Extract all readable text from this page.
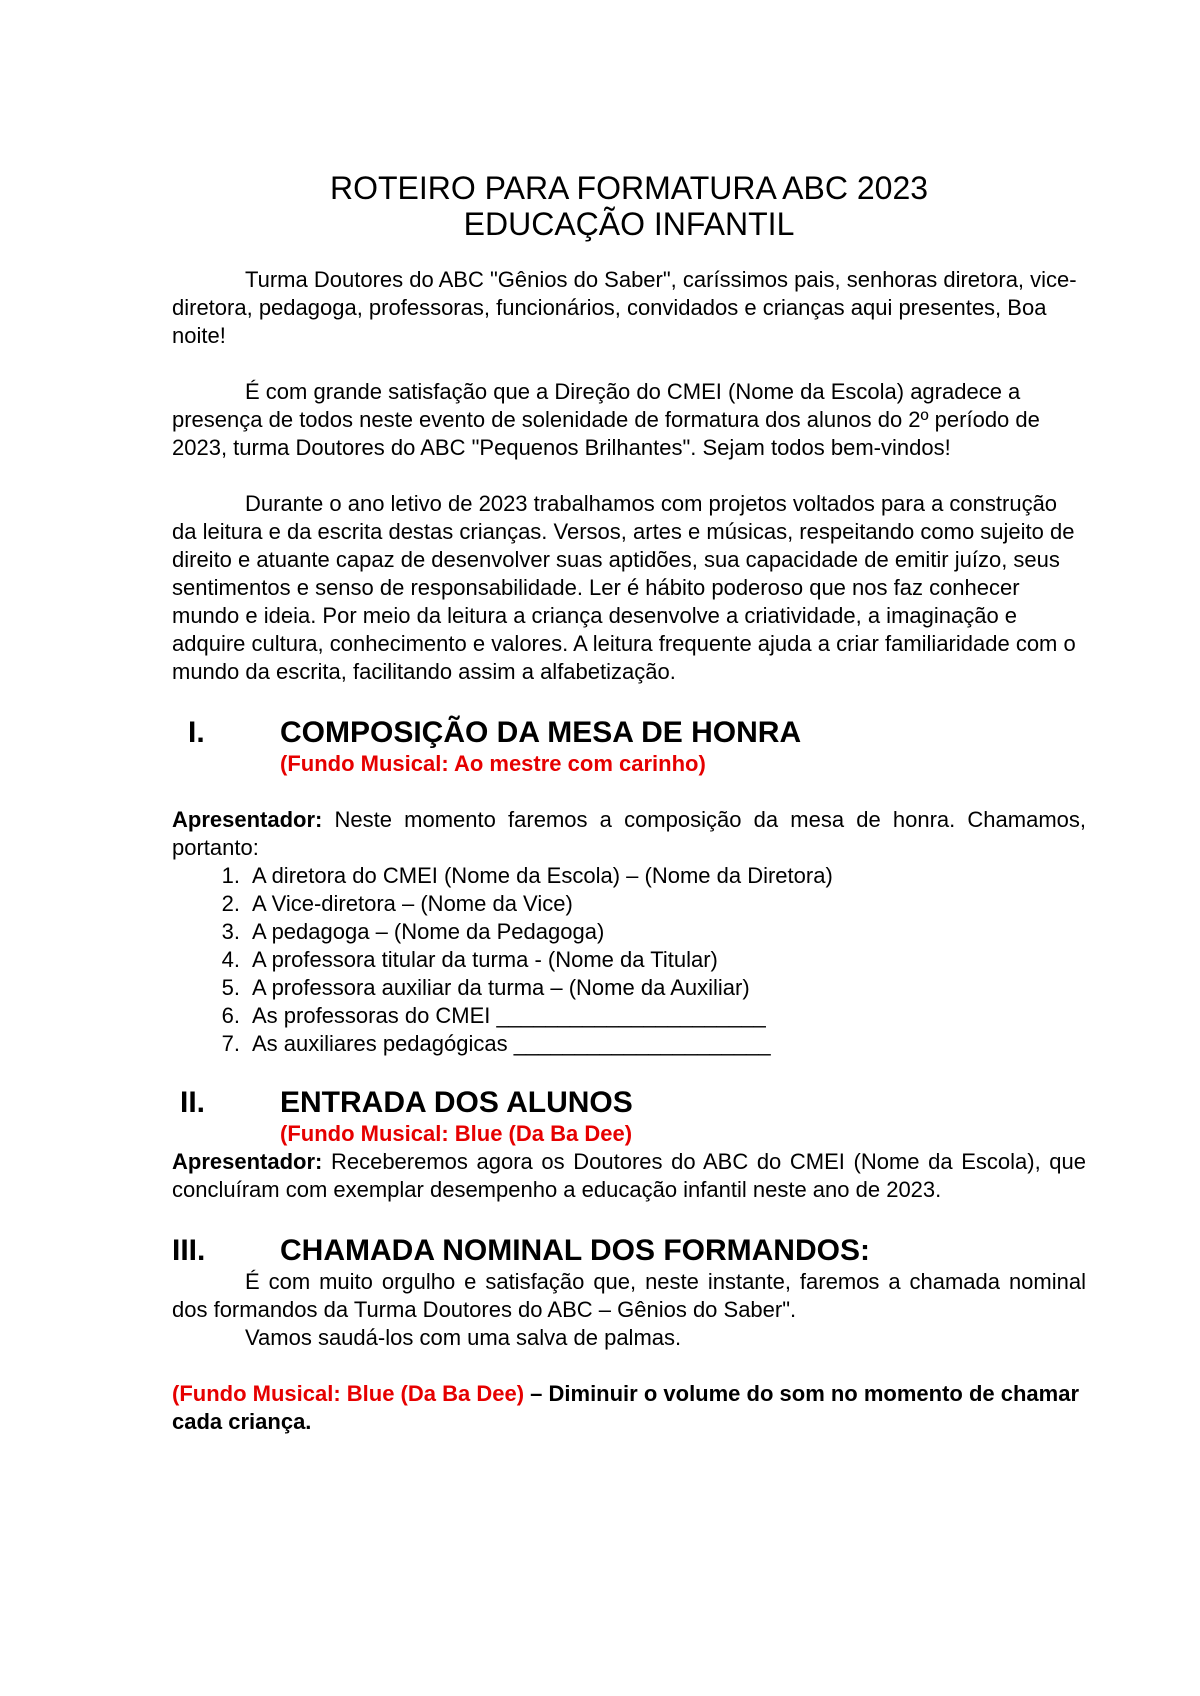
ROTEIRO PARA FORMATURA ABC 2023
EDUCAÇÃO INFANTIL

Turma Doutores do ABC "Gênios do Saber", caríssimos pais, senhoras diretora, vice-diretora, pedagoga, professoras, funcionários, convidados e crianças aqui presentes, Boa noite!

É com grande satisfação que a Direção do CMEI (Nome da Escola) agradece a presença de todos neste evento de solenidade de formatura dos alunos do 2º período de 2023, turma Doutores do ABC "Pequenos Brilhantes". Sejam todos bem-vindos!

Durante o ano letivo de 2023 trabalhamos com projetos voltados para a construção da leitura e da escrita destas crianças. Versos, artes e músicas, respeitando como sujeito de direito e atuante capaz de desenvolver suas aptidões, sua capacidade de emitir juízo, seus sentimentos e senso de responsabilidade. Ler é hábito poderoso que nos faz conhecer mundo e ideia. Por meio da leitura a criança desenvolve a criatividade, a imaginação e adquire cultura, conhecimento e valores. A leitura frequente ajuda a criar familiaridade com o mundo da escrita, facilitando assim a alfabetização.

I.	COMPOSIÇÃO DA MESA DE HONRA

(Fundo Musical: Ao mestre com carinho)

Apresentador: Neste momento faremos a composição da mesa de honra. Chamamos, portanto:

1. A diretora do CMEI (Nome da Escola) – (Nome da Diretora)
2. A Vice-diretora – (Nome da Vice)
3. A pedagoga – (Nome da Pedagoga)
4. A professora titular da turma - (Nome da Titular)
5. A professora auxiliar da turma – (Nome da Auxiliar)
6. As professoras do CMEI ______________________
7. As auxiliares pedagógicas _____________________
II.	ENTRADA DOS ALUNOS

(Fundo Musical: Blue (Da Ba Dee)

Apresentador: Receberemos agora os Doutores do ABC do CMEI (Nome da Escola), que concluíram com exemplar desempenho a educação infantil neste ano de 2023.

III.	CHAMADA NOMINAL DOS FORMANDOS:

É com muito orgulho e satisfação que, neste instante, faremos a chamada nominal dos formandos da Turma Doutores do ABC – Gênios do Saber".

Vamos saudá-los com uma salva de palmas.

(Fundo Musical: Blue (Da Ba Dee) – Diminuir o volume do som no momento de chamar cada criança.
